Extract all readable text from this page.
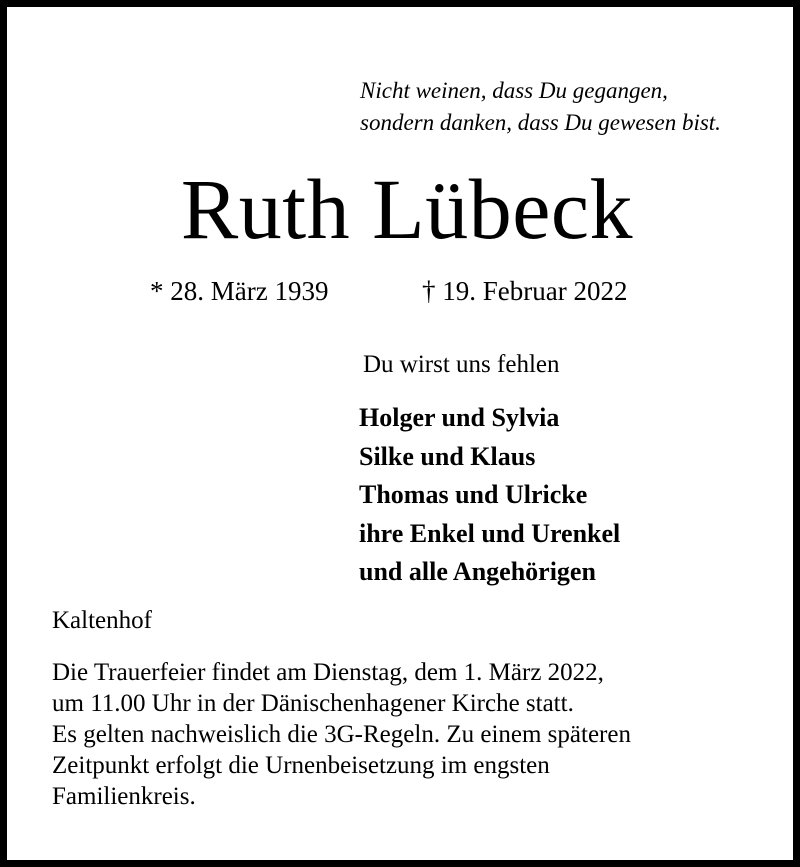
Nicht weinen, dass Du gegangen,
sondern danken, dass Du gewesen bist.
Ruth Lübeck
* 28. März 1939	† 19. Februar 2022
Du wirst uns fehlen
Holger und Sylvia
Silke und Klaus
Thomas und Ulricke
ihre Enkel und Urenkel
und alle Angehörigen
Kaltenhof
Die Trauerfeier findet am Dienstag, dem 1. März 2022,
um 11.00 Uhr in der Dänischenhagener Kirche statt.
Es gelten nachweislich die 3G-Regeln. Zu einem späteren
Zeitpunkt erfolgt die Urnenbeisetzung im engsten
Familienkreis.
